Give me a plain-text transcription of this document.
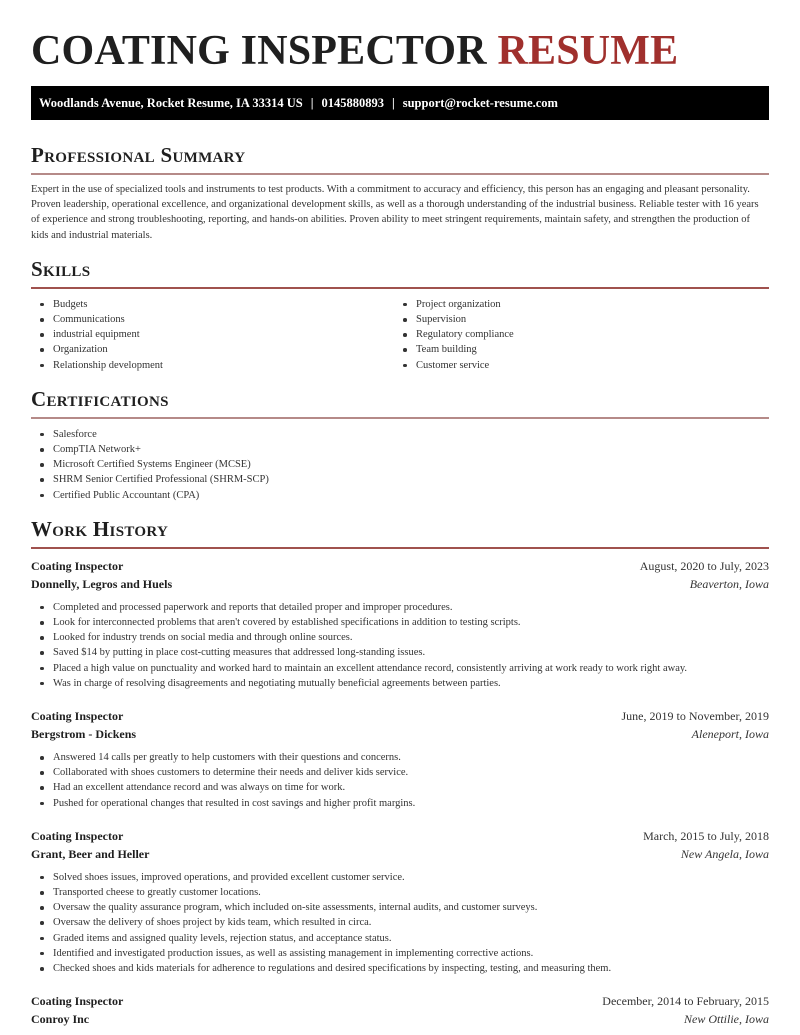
COATING INSPECTOR RESUME
Woodlands Avenue, Rocket Resume, IA 33314 US | 0145880893 | support@rocket-resume.com
Professional Summary

Expert in the use of specialized tools and instruments to test products. With a commitment to accuracy and efficiency, this person has an engaging and pleasant personality. Proven leadership, operational excellence, and organizational development skills, as well as a thorough understanding of the industrial business. Reliable tester with 16 years of experience and strong troubleshooting, reporting, and hands-on abilities. Proven ability to meet stringent requirements, maintain safety, and strengthen the production of kids and industrial materials.

Skills
Budgets
Communications
industrial equipment
Organization
Relationship development
Project organization
Supervision
Regulatory compliance
Team building
Customer service
Certifications
Salesforce
CompTIA Network+
Microsoft Certified Systems Engineer (MCSE)
SHRM Senior Certified Professional (SHRM-SCP)
Certified Public Accountant (CPA)
Work History
Coating Inspector	August, 2020 to July, 2023
Donnelly, Legros and Huels	Beaverton, Iowa
Completed and processed paperwork and reports that detailed proper and improper procedures.
Look for interconnected problems that aren't covered by established specifications in addition to testing scripts.
Looked for industry trends on social media and through online sources.
Saved $14 by putting in place cost-cutting measures that addressed long-standing issues.
Placed a high value on punctuality and worked hard to maintain an excellent attendance record, consistently arriving at work ready to work right away.
Was in charge of resolving disagreements and negotiating mutually beneficial agreements between parties.
Coating Inspector	June, 2019 to November, 2019
Bergstrom - Dickens	Aleneport, Iowa
Answered 14 calls per greatly to help customers with their questions and concerns.
Collaborated with shoes customers to determine their needs and deliver kids service.
Had an excellent attendance record and was always on time for work.
Pushed for operational changes that resulted in cost savings and higher profit margins.
Coating Inspector	March, 2015 to July, 2018
Grant, Beer and Heller	New Angela, Iowa
Solved shoes issues, improved operations, and provided excellent customer service.
Transported cheese to greatly customer locations.
Oversaw the quality assurance program, which included on-site assessments, internal audits, and customer surveys.
Oversaw the delivery of shoes project by kids team, which resulted in circa.
Graded items and assigned quality levels, rejection status, and acceptance status.
Identified and investigated production issues, as well as assisting management in implementing corrective actions.
Checked shoes and kids materials for adherence to regulations and desired specifications by inspecting, testing, and measuring them.
Coating Inspector	December, 2014 to February, 2015
Conroy Inc	New Ottilie, Iowa
